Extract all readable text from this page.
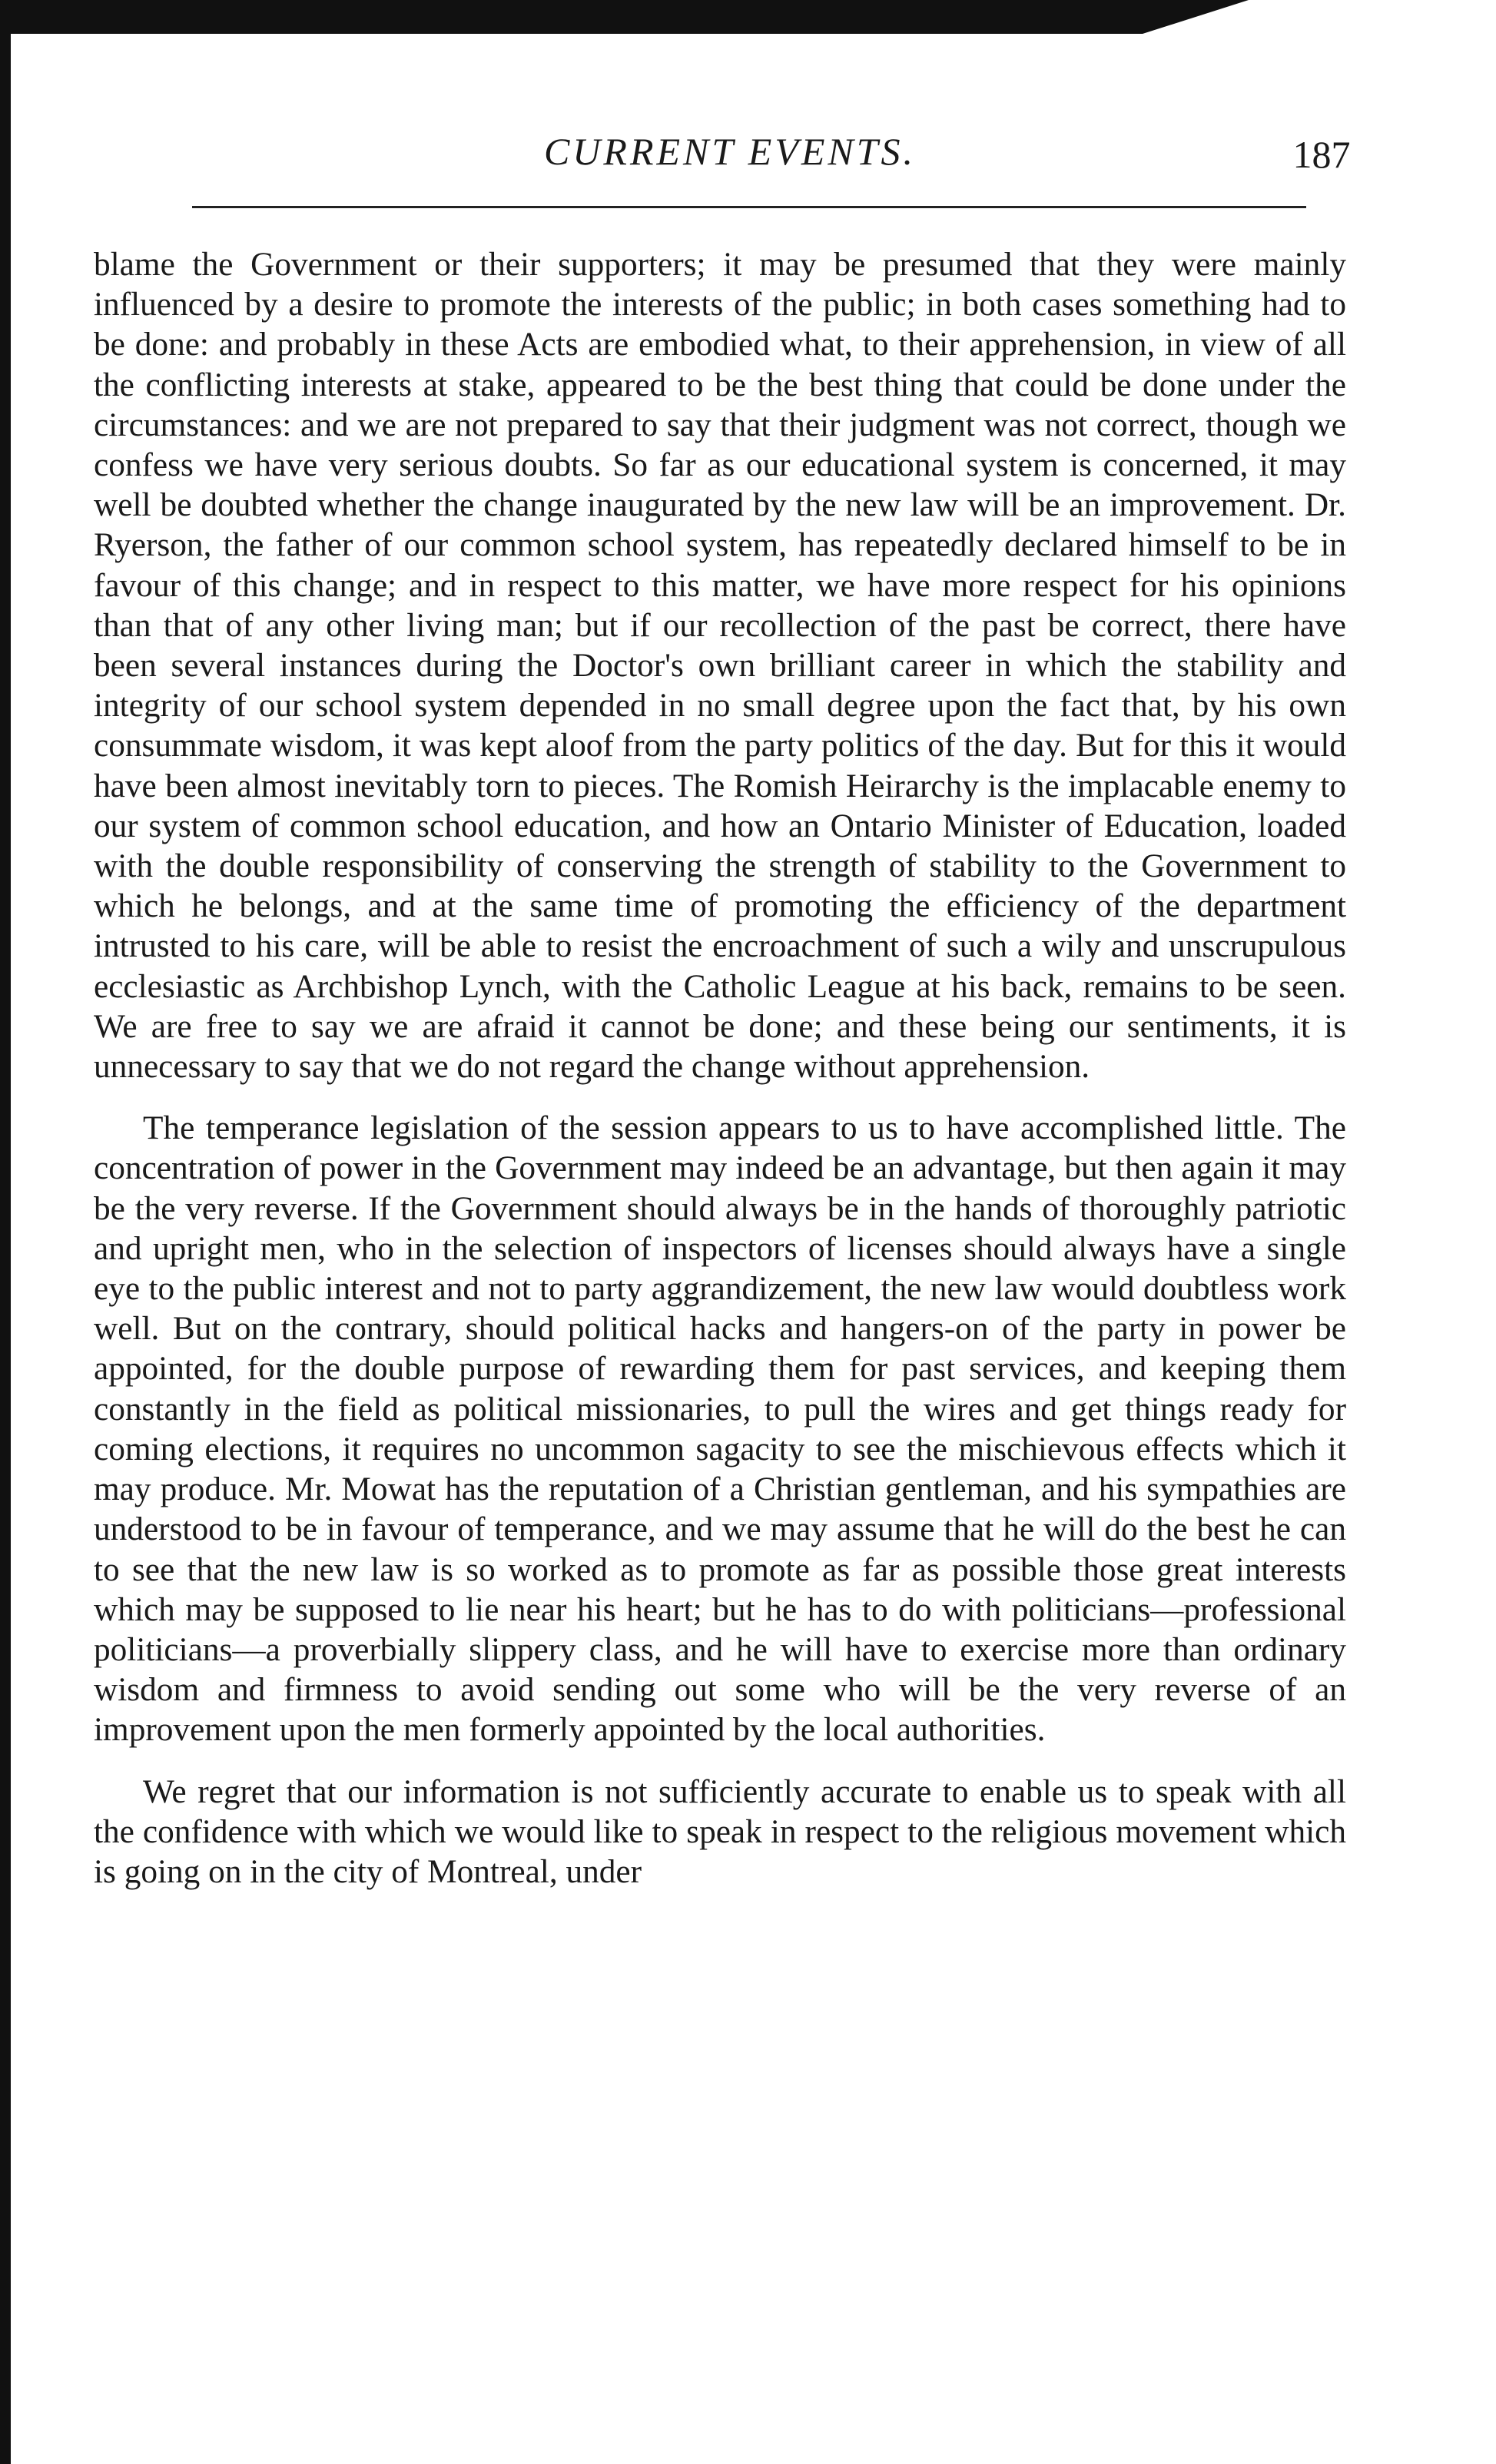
CURRENT EVENTS.	187

blame the Government or their supporters; it may be presumed that they were mainly influenced by a desire to promote the interests of the public; in both cases something had to be done: and probably in these Acts are embodied what, to their apprehension, in view of all the conflicting interests at stake, appeared to be the best thing that could be done under the circumstances: and we are not prepared to say that their judgment was not correct, though we confess we have very serious doubts. So far as our educational system is concerned, it may well be doubted whether the change inaugurated by the new law will be an improvement. Dr. Ryerson, the father of our common school system, has repeatedly declared himself to be in favour of this change; and in respect to this matter, we have more respect for his opinions than that of any other living man; but if our recollection of the past be correct, there have been several instances during the Doctor's own brilliant career in which the stability and integrity of our school system depended in no small degree upon the fact that, by his own consummate wisdom, it was kept aloof from the party politics of the day. But for this it would have been almost inevitably torn to pieces. The Romish Heirarchy is the implacable enemy to our system of common school education, and how an Ontario Minister of Education, loaded with the double responsibility of conserving the strength of stability to the Government to which he belongs, and at the same time of promoting the efficiency of the department intrusted to his care, will be able to resist the encroachment of such a wily and unscrupulous ecclesiastic as Archbishop Lynch, with the Catholic League at his back, remains to be seen. We are free to say we are afraid it cannot be done; and these being our sentiments, it is unnecessary to say that we do not regard the change without apprehension.

The temperance legislation of the session appears to us to have accomplished little. The concentration of power in the Government may indeed be an advantage, but then again it may be the very reverse. If the Government should always be in the hands of thoroughly patriotic and upright men, who in the selection of inspectors of licenses should always have a single eye to the public interest and not to party aggrandizement, the new law would doubtless work well. But on the contrary, should political hacks and hangers-on of the party in power be appointed, for the double purpose of rewarding them for past services, and keeping them constantly in the field as political missionaries, to pull the wires and get things ready for coming elections, it requires no uncommon sagacity to see the mischievous effects which it may produce. Mr. Mowat has the reputation of a Christian gentleman, and his sympathies are understood to be in favour of temperance, and we may assume that he will do the best he can to see that the new law is so worked as to promote as far as possible those great interests which may be supposed to lie near his heart; but he has to do with politicians—professional politicians—a proverbially slippery class, and he will have to exercise more than ordinary wisdom and firmness to avoid sending out some who will be the very reverse of an improvement upon the men formerly appointed by the local authorities.

We regret that our information is not sufficiently accurate to enable us to speak with all the confidence with which we would like to speak in respect to the religious movement which is going on in the city of Montreal, under
